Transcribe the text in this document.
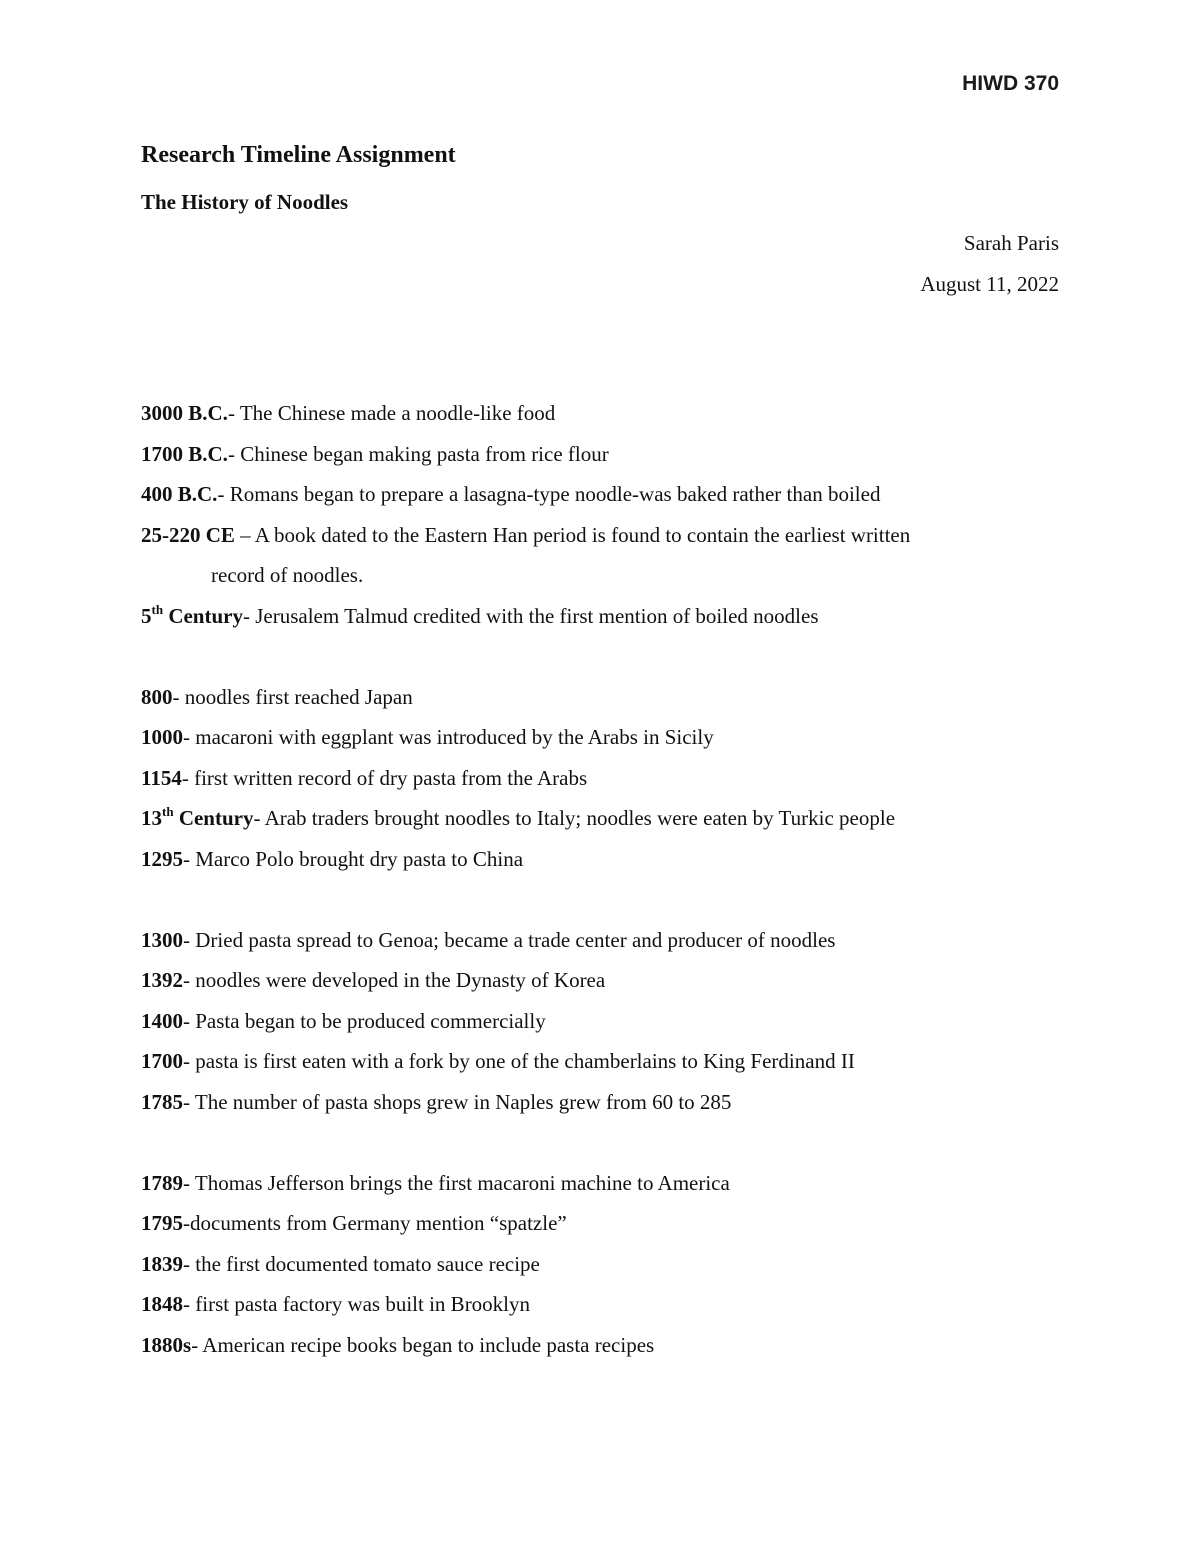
HIWD 370
Research Timeline Assignment
The History of Noodles
Sarah Paris
August 11, 2022
3000 B.C.- The Chinese made a noodle-like food
1700 B.C.- Chinese began making pasta from rice flour
400 B.C.- Romans began to prepare a lasagna-type noodle-was baked rather than boiled
25-220 CE – A book dated to the Eastern Han period is found to contain the earliest written
record of noodles.
5th Century- Jerusalem Talmud credited with the first mention of boiled noodles
800- noodles first reached Japan
1000- macaroni with eggplant was introduced by the Arabs in Sicily
1154- first written record of dry pasta from the Arabs
13th Century- Arab traders brought noodles to Italy; noodles were eaten by Turkic people
1295- Marco Polo brought dry pasta to China
1300- Dried pasta spread to Genoa; became a trade center and producer of noodles
1392- noodles were developed in the Dynasty of Korea
1400- Pasta began to be produced commercially
1700- pasta is first eaten with a fork by one of the chamberlains to King Ferdinand II
1785- The number of pasta shops grew in Naples grew from 60 to 285
1789- Thomas Jefferson brings the first macaroni machine to America
1795-documents from Germany mention “spatzle”
1839- the first documented tomato sauce recipe
1848- first pasta factory was built in Brooklyn
1880s- American recipe books began to include pasta recipes
